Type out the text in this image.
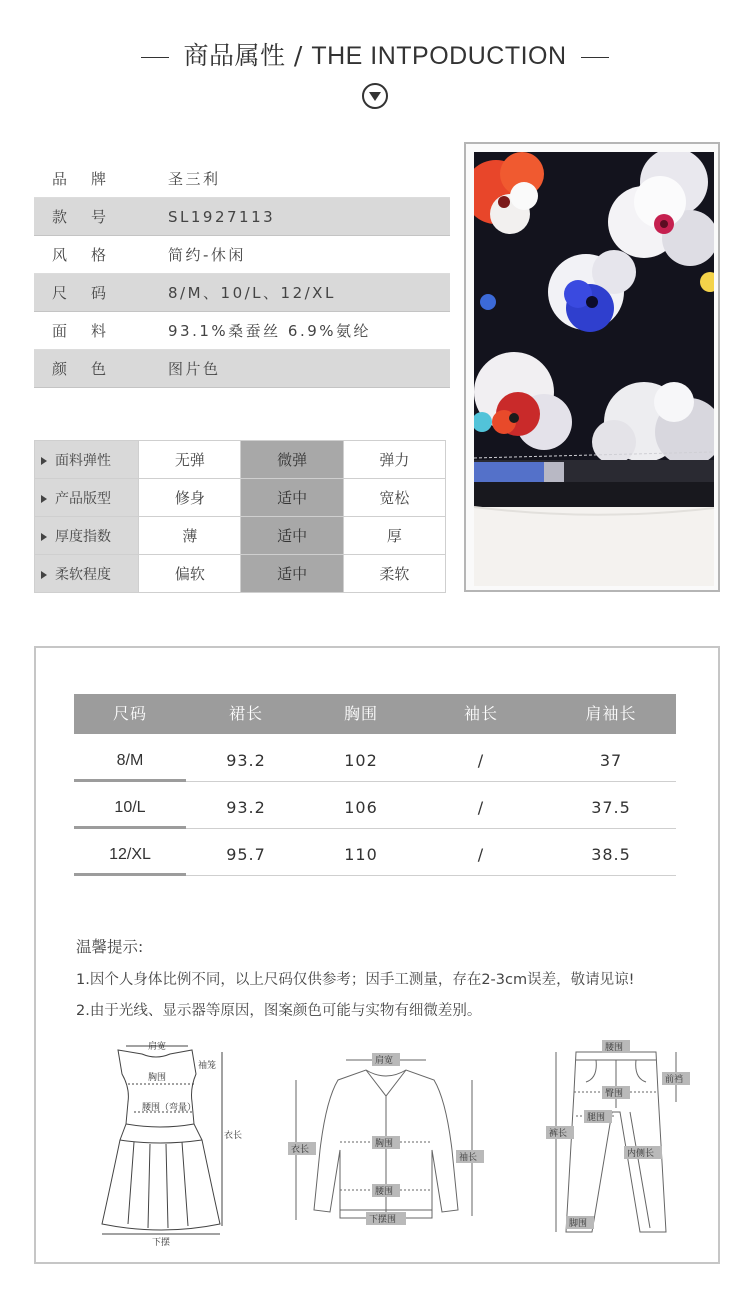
商品属性 / THE INTPODUCTION
品牌	圣三利
款号	SL1927113
风格	简约-休闲
尺码	8/M、10/L、12/XL
面料	93.1%桑蚕丝 6.9%氨纶
颜色	图片色
面料弹性	无弹	微弹	弹力
产品版型	修身	适中	宽松
厚度指数	薄	适中	厚
柔软程度	偏软	适中	柔软
尺码	裙长	胸围	袖长	肩袖长
8/M	93.2	102	/	37
10/L	93.2	106	/	37.5
12/XL	95.7	110	/	38.5
温馨提示:
1.因个人身体比例不同，以上尺码仅供参考；因手工测量，存在2-3cm误差，敬请见谅!
2.由于光线、显示器等原因，图案颜色可能与实物有细微差别。
肩宽
袖笼
胸围
腰围（弯量）
衣长
下摆
肩宽
衣长
胸围
袖长
腰围
下摆围
腰围
前裆
臀围
腿围
裤长
内侧长
脚围
